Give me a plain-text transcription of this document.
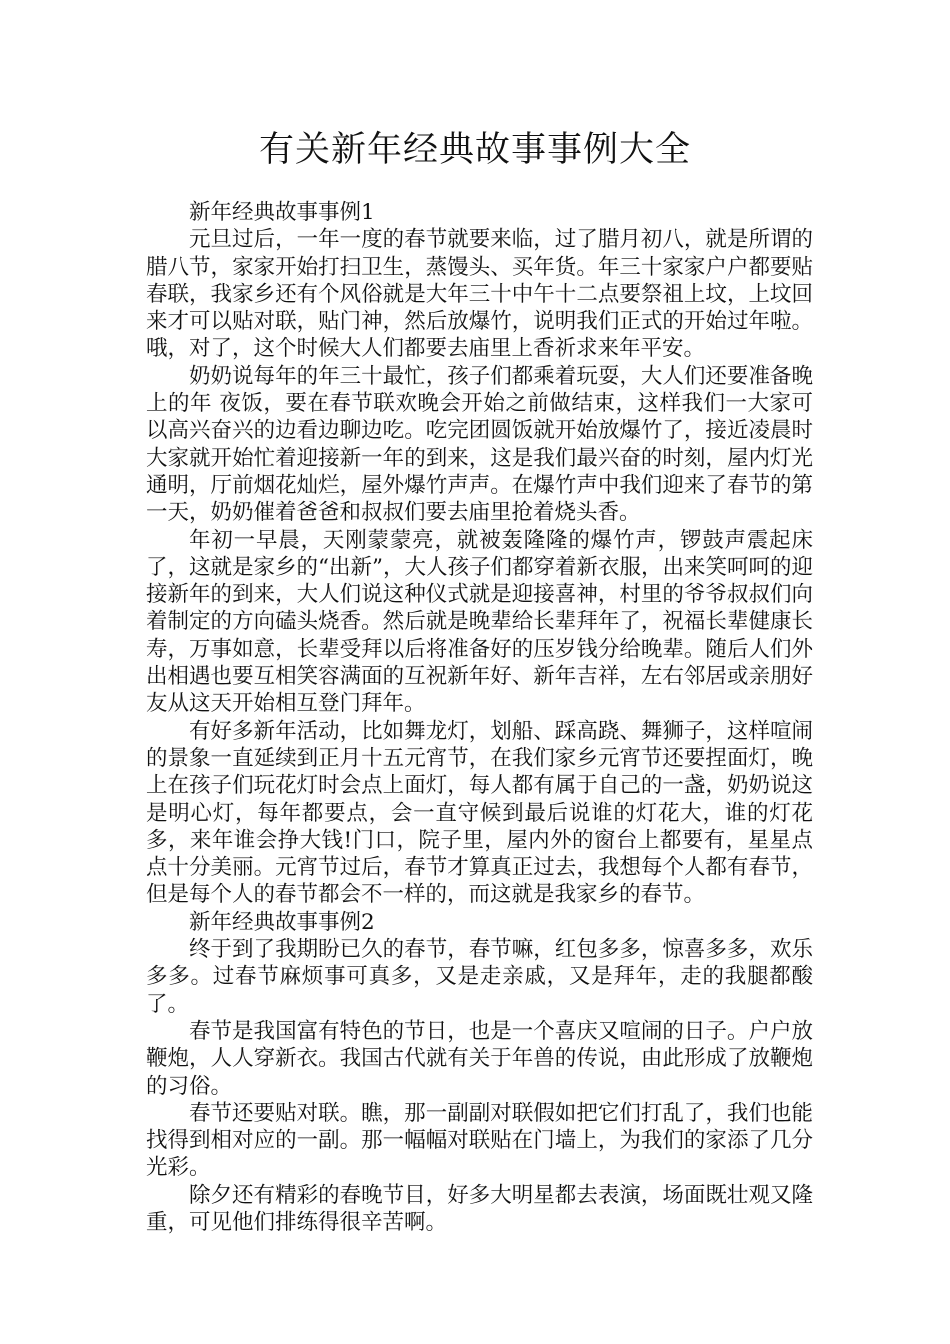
有关新年经典故事事例大全

新年经典故事事例1

元旦过后，一年一度的春节就要来临，过了腊月初八，就是所谓的腊八节，家家开始打扫卫生，蒸馒头、买年货。年三十家家户户都要贴春联，我家乡还有个风俗就是大年三十中午十二点要祭祖上坟，上坟回来才可以贴对联，贴门神，然后放爆竹，说明我们正式的开始过年啦。哦，对了，这个时候大人们都要去庙里上香祈求来年平安。

奶奶说每年的年三十最忙，孩子们都乘着玩耍，大人们还要准备晚上的年 夜饭，要在春节联欢晚会开始之前做结束，这样我们一大家可以高兴奋兴的边看边聊边吃。吃完团圆饭就开始放爆竹了，接近凌晨时大家就开始忙着迎接新一年的到来，这是我们最兴奋的时刻，屋内灯光通明，厅前烟花灿烂，屋外爆竹声声。在爆竹声中我们迎来了春节的第一天，奶奶催着爸爸和叔叔们要去庙里抢着烧头香。

年初一早晨，天刚蒙蒙亮，就被轰隆隆的爆竹声，锣鼓声震起床了，这就是家乡的“出新”，大人孩子们都穿着新衣服，出来笑呵呵的迎接新年的到来，大人们说这种仪式就是迎接喜神，村里的爷爷叔叔们向着制定的方向磕头烧香。然后就是晚辈给长辈拜年了，祝福长辈健康长寿，万事如意，长辈受拜以后将准备好的压岁钱分给晚辈。随后人们外出相遇也要互相笑容满面的互祝新年好、新年吉祥，左右邻居或亲朋好友从这天开始相互登门拜年。

有好多新年活动，比如舞龙灯，划船、踩高跷、舞狮子，这样喧闹的景象一直延续到正月十五元宵节，在我们家乡元宵节还要捏面灯，晚上在孩子们玩花灯时会点上面灯，每人都有属于自己的一盏，奶奶说这是明心灯，每年都要点，会一直守候到最后说谁的灯花大，谁的灯花多，来年谁会挣大钱!门口，院子里，屋内外的窗台上都要有，星星点点十分美丽。元宵节过后，春节才算真正过去，我想每个人都有春节，但是每个人的春节都会不一样的，而这就是我家乡的春节。

新年经典故事事例2

终于到了我期盼已久的春节，春节嘛，红包多多，惊喜多多，欢乐多多。过春节麻烦事可真多，又是走亲戚，又是拜年，走的我腿都酸了。

春节是我国富有特色的节日，也是一个喜庆又喧闹的日子。户户放鞭炮，人人穿新衣。我国古代就有关于年兽的传说，由此形成了放鞭炮的习俗。

春节还要贴对联。瞧，那一副副对联假如把它们打乱了，我们也能找得到相对应的一副。那一幅幅对联贴在门墙上，为我们的家添了几分光彩。

除夕还有精彩的春晚节目，好多大明星都去表演，场面既壮观又隆重，可见他们排练得很辛苦啊。
